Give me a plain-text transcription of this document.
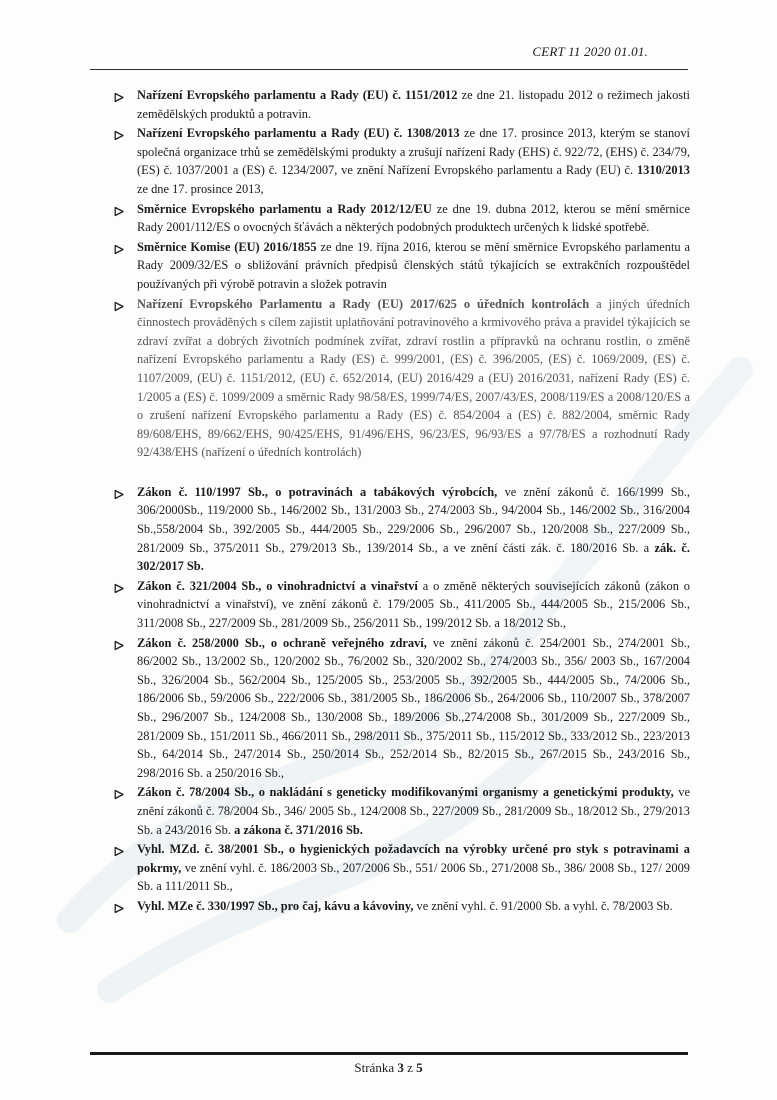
CERT 11 2020 01.01.
Nařízení Evropského parlamentu a Rady (EU) č. 1151/2012 ze dne 21. listopadu 2012 o režimech jakosti zemědělských produktů a potravin.
Nařízení Evropského parlamentu a Rady (EU) č. 1308/2013 ze dne 17. prosince 2013, kterým se stanoví společná organizace trhů se zemědělskými produkty a zrušují nařízení Rady (EHS) č. 922/72, (EHS) č. 234/79, (ES) č. 1037/2001 a (ES) č. 1234/2007, ve znění Nařízení Evropského parlamentu a Rady (EU) č. 1310/2013 ze dne 17. prosince 2013,
Směrnice Evropského parlamentu a Rady 2012/12/EU ze dne 19. dubna 2012, kterou se mění směrnice Rady 2001/112/ES o ovocných šťávách a některých podobných produktech určených k lidské spotřebě.
Směrnice Komise (EU) 2016/1855 ze dne 19. října 2016, kterou se mění směrnice Evropského parlamentu a Rady 2009/32/ES o sbližování právních předpisů členských států týkajících se extrakčních rozpouštědel používaných při výrobě potravin a složek potravin
Nařízení Evropského Parlamentu a Rady (EU) 2017/625 o úředních kontrolách a jiných úředních činnostech prováděných s cílem zajistit uplatňování potravinového a krmivového práva a pravidel týkajících se zdraví zvířat a dobrých životních podmínek zvířat, zdraví rostlin a přípravků na ochranu rostlin, o změně nařízení Evropského parlamentu a Rady (ES) č. 999/2001, (ES) č. 396/2005, (ES) č. 1069/2009, (ES) č. 1107/2009, (EU) č. 1151/2012, (EU) č. 652/2014, (EU) 2016/429 a (EU) 2016/2031, nařízení Rady (ES) č. 1/2005 a (ES) č. 1099/2009 a směrnic Rady 98/58/ES, 1999/74/ES, 2007/43/ES, 2008/119/ES a 2008/120/ES a o zrušení nařízení Evropského parlamentu a Rady (ES) č. 854/2004 a (ES) č. 882/2004, směrnic Rady 89/608/EHS, 89/662/EHS, 90/425/EHS, 91/496/EHS, 96/23/ES, 96/93/ES a 97/78/ES a rozhodnutí Rady 92/438/EHS (nařízení o úředních kontrolách)
Zákon č. 110/1997 Sb., o potravinách a tabákových výrobcích, ve znění zákonů č. 166/1999 Sb., 306/2000Sb., 119/2000 Sb., 146/2002 Sb., 131/2003 Sb., 274/2003 Sb., 94/2004 Sb., 146/2002 Sb., 316/2004 Sb.,558/2004 Sb., 392/2005 Sb., 444/2005 Sb., 229/2006 Sb., 296/2007 Sb., 120/2008 Sb., 227/2009 Sb., 281/2009 Sb., 375/2011 Sb., 279/2013 Sb., 139/2014 Sb., a ve znění části zák. č. 180/2016 Sb. a zák. č. 302/2017 Sb.
Zákon č. 321/2004 Sb., o vinohradnictví a vinařství a o změně některých souvisejících zákonů (zákon o vinohradnictví a vinařství), ve znění zákonů č. 179/2005 Sb., 411/2005 Sb., 444/2005 Sb., 215/2006 Sb., 311/2008 Sb., 227/2009 Sb., 281/2009 Sb., 256/2011 Sb., 199/2012 Sb. a 18/2012 Sb.,
Zákon č. 258/2000 Sb., o ochraně veřejného zdraví, ve znění zákonů č. 254/2001 Sb., 274/2001 Sb., 86/2002 Sb., 13/2002 Sb., 120/2002 Sb., 76/2002 Sb., 320/2002 Sb., 274/2003 Sb., 356/ 2003 Sb., 167/2004 Sb., 326/2004 Sb., 562/2004 Sb., 125/2005 Sb., 253/2005 Sb., 392/2005 Sb., 444/2005 Sb., 74/2006 Sb., 186/2006 Sb., 59/2006 Sb., 222/2006 Sb., 381/2005 Sb., 186/2006 Sb., 264/2006 Sb., 110/2007 Sb., 378/2007 Sb., 296/2007 Sb., 124/2008 Sb., 130/2008 Sb., 189/2006 Sb.,274/2008 Sb., 301/2009 Sb., 227/2009 Sb., 281/2009 Sb., 151/2011 Sb., 466/2011 Sb., 298/2011 Sb., 375/2011 Sb., 115/2012 Sb., 333/2012 Sb., 223/2013 Sb., 64/2014 Sb., 247/2014 Sb., 250/2014 Sb., 252/2014 Sb., 82/2015 Sb., 267/2015 Sb., 243/2016 Sb., 298/2016 Sb. a 250/2016 Sb.,
Zákon č. 78/2004 Sb., o nakládání s geneticky modifikovanými organismy a genetickými produkty, ve znění zákonů č. 78/2004 Sb., 346/ 2005 Sb., 124/2008 Sb., 227/2009 Sb., 281/2009 Sb., 18/2012 Sb., 279/2013 Sb. a 243/2016 Sb. a zákona č. 371/2016 Sb.
Vyhl. MZd. č. 38/2001 Sb., o hygienických požadavcích na výrobky určené pro styk s potravinami a pokrmy, ve znění vyhl. č. 186/2003 Sb., 207/2006 Sb., 551/ 2006 Sb., 271/2008 Sb., 386/ 2008 Sb., 127/ 2009 Sb. a 111/2011 Sb.,
Vyhl. MZe č. 330/1997 Sb., pro čaj, kávu a kávoviny, ve znění vyhl. č. 91/2000 Sb. a vyhl. č. 78/2003 Sb.
Stránka 3 z 5
